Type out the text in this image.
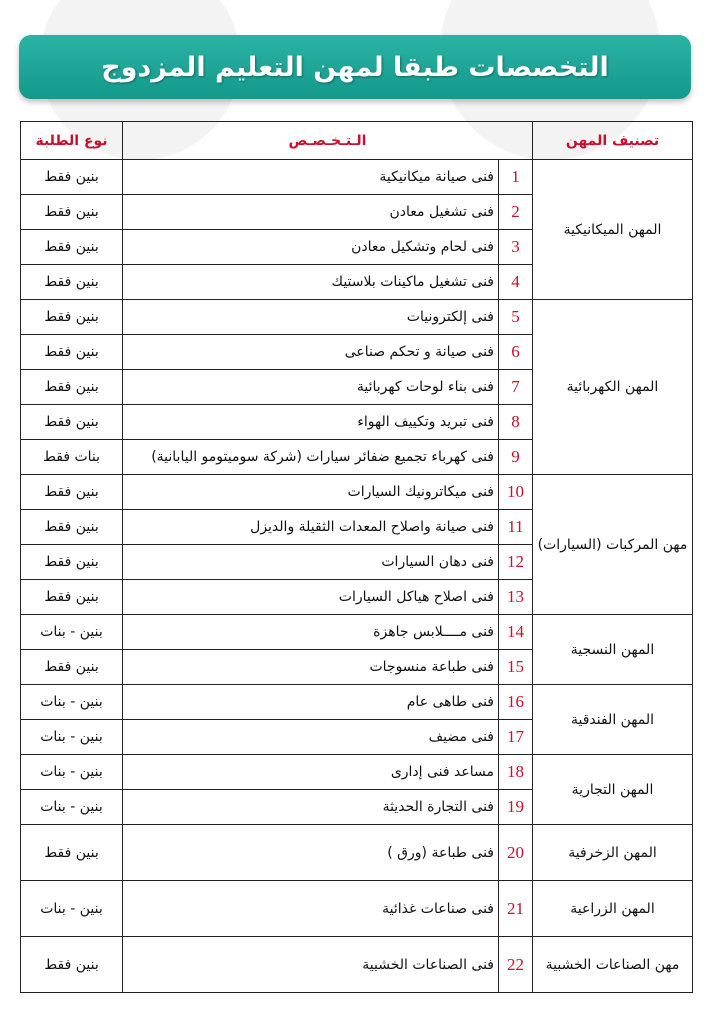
التخصصات طبقا لمهن التعليم المزدوج
تصنيف المهن	الـتـخـصـص		نوع الطلبة
المهن الميكانيكية	1	فنى صيانة ميكانيكية	بنين فقط
	2	فنى تشغيل معادن	بنين فقط
	3	فنى لحام وتشكيل معادن	بنين فقط
	4	فنى تشغيل ماكينات بلاستيك	بنين فقط
المهن الكهربائية	5	فنى إلكترونيات	بنين فقط
	6	فنى صيانة و تحكم صناعى	بنين فقط
	7	فنى بناء لوحات كهربائية	بنين فقط
	8	فنى تبريد وتكييف الهواء	بنين فقط
	9	فنى كهرباء تجميع ضفائر سيارات (شركة سوميتومو اليابانية)	بنات فقط
مهن المركبات (السيارات)	10	فنى ميكاترونيك السيارات	بنين فقط
	11	فنى صيانة واصلاح المعدات الثقيلة والديزل	بنين فقط
	12	فنى دهان السيارات	بنين فقط
	13	فنى اصلاح هياكل السيارات	بنين فقط
المهن النسجية	14	فنى مــــلابس جاهزة	بنين - بنات
	15	فنى طباعة منسوجات	بنين فقط
المهن الفندقية	16	فنى طاهى عام	بنين - بنات
	17	فنى مضيف	بنين - بنات
المهن التجارية	18	مساعد فنى إدارى	بنين - بنات
	19	فنى التجارة الحديثة	بنين - بنات
المهن الزخرفية	20	فنى طباعة (ورق )	بنين فقط
المهن الزراعية	21	فنى صناعات غذائية	بنين - بنات
مهن الصناعات الخشبية	22	فنى الصناعات الخشبية	بنين فقط
